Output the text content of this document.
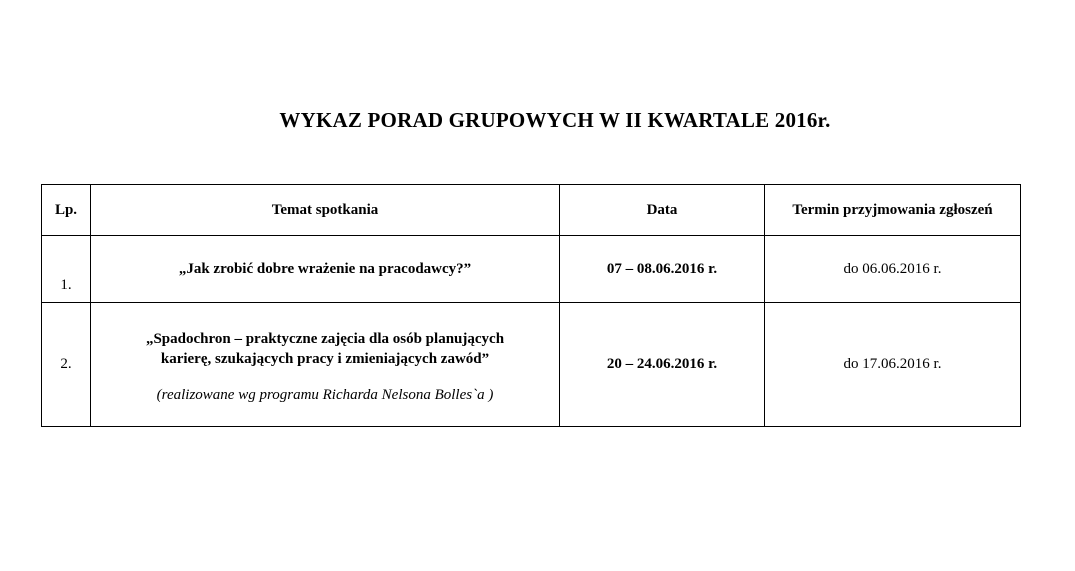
WYKAZ PORAD GRUPOWYCH W II KWARTALE 2016r.
Lp.	Temat spotkania	Data	Termin przyjmowania zgłoszeń
1.	„Jak zrobić dobre wrażenie na pracodawcy?”	07 – 08.06.2016 r.	do 06.06.2016 r.
2.	„Spadochron – praktyczne zajęcia dla osób planujących
karierę, szukających pracy i zmieniających zawód”
(realizowane wg programu Richarda Nelsona Bolles`a )	20 – 24.06.2016 r.	do 17.06.2016 r.
